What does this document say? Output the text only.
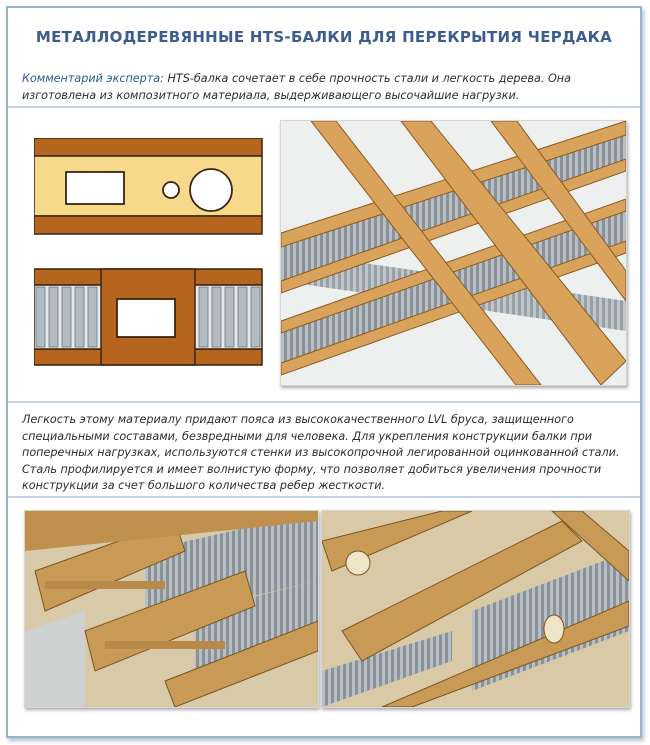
МЕТАЛЛОДЕРЕВЯННЫЕ HTS-БАЛКИ ДЛЯ ПЕРЕКРЫТИЯ ЧЕРДАКА
Комментарий эксперта: HTS-балка сочетает в себе прочность стали и легкость дерева. Она изготовлена из композитного материала, выдерживающего высочайшие нагрузки.
Легкость этому материалу придают пояса из высококачественного LVL бруса, защищенного специальными составами, безвредными для человека. Для укрепления конструкции балки при поперечных нагрузках, используются стенки из высокопрочной легированной оцинкованной стали. Сталь профилируется и имеет волнистую форму, что позволяет добиться увеличения прочности конструкции за счет большого количества ребер жесткости.
